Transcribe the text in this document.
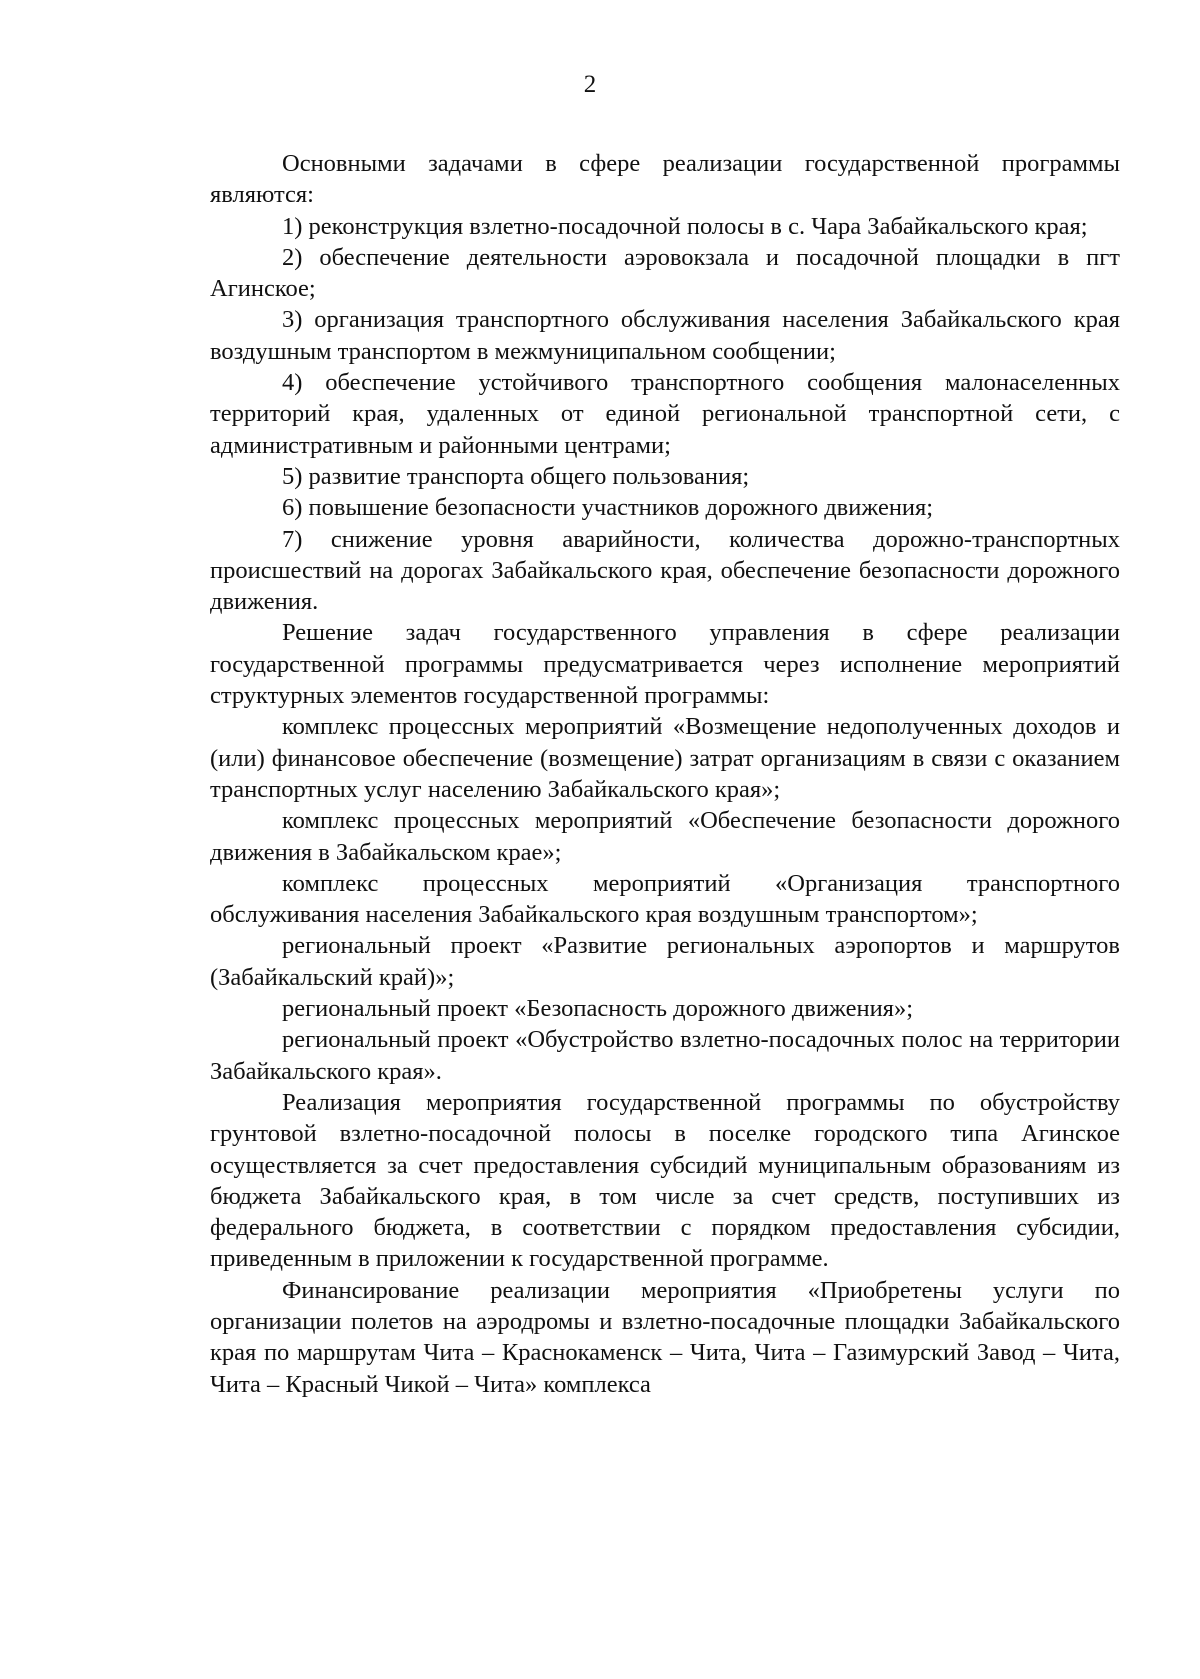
2

Основными задачами в сфере реализации государственной программы являются:

1) реконструкция взлетно-посадочной полосы в с. Чара Забайкальского края;

2) обеспечение деятельности аэровокзала и посадочной площадки в пгт Агинское;

3) организация транспортного обслуживания населения Забайкальского края воздушным транспортом в межмуниципальном сообщении;

4) обеспечение устойчивого транспортного сообщения малонаселенных территорий края, удаленных от единой региональной транспортной сети, с административным и районными центрами;

5) развитие транспорта общего пользования;

6) повышение безопасности участников дорожного движения;

7) снижение уровня аварийности, количества дорожно-транспортных происшествий на дорогах Забайкальского края, обеспечение безопасности дорожного движения.

Решение задач государственного управления в сфере реализации государственной программы предусматривается через исполнение мероприятий структурных элементов государственной программы:

комплекс процессных мероприятий «Возмещение недополученных доходов и (или) финансовое обеспечение (возмещение) затрат организациям в связи с оказанием транспортных услуг населению Забайкальского края»;

комплекс процессных мероприятий «Обеспечение безопасности дорожного движения в Забайкальском крае»;

комплекс процессных мероприятий «Организация транспортного обслуживания населения Забайкальского края воздушным транспортом»;

региональный проект «Развитие региональных аэропортов и маршрутов (Забайкальский край)»;

региональный проект «Безопасность дорожного движения»;

региональный проект «Обустройство взлетно-посадочных полос на территории Забайкальского края».

Реализация мероприятия государственной программы по обустройству грунтовой взлетно-посадочной полосы в поселке городского типа Агинское осуществляется за счет предоставления субсидий муниципальным образованиям из бюджета Забайкальского края, в том числе за счет средств, поступивших из федерального бюджета, в соответствии с порядком предоставления субсидии, приведенным в приложении к государственной программе.

Финансирование реализации мероприятия «Приобретены услуги по организации полетов на аэродромы и взлетно-посадочные площадки Забайкальского края по маршрутам Чита – Краснокаменск – Чита, Чита – Газимурский Завод – Чита, Чита – Красный Чикой – Чита» комплекса
